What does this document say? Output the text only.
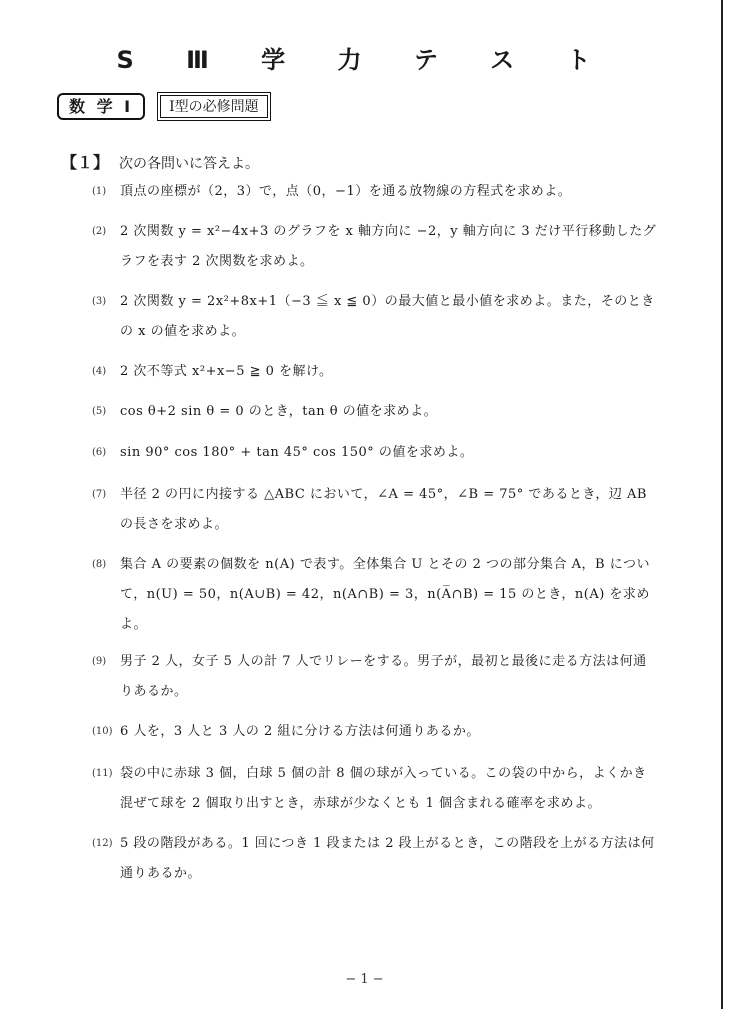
S Ⅲ 学 力 テ ス ト
数 学 Ⅰ	Ⅰ型の必修問題
【１】 次の各問いに答えよ。
(1) 頂点の座標が（2，3）で，点（0，−1）を通る放物線の方程式を求めよ。
(2) 2 次関数 y = x²−4x+3 のグラフを x 軸方向に −2，y 軸方向に 3 だけ平行移動したグラフを表す 2 次関数を求めよ。
(3) 2 次関数 y = 2x²+8x+1（−3 ≦ x ≦ 0）の最大値と最小値を求めよ。また，そのときの x の値を求めよ。
(4) 2 次不等式 x²+x−5 ≧ 0 を解け。
(5) cos θ+2 sin θ = 0 のとき，tan θ の値を求めよ。
(6) sin 90° cos 180° + tan 45° cos 150° の値を求めよ。
(7) 半径 2 の円に内接する △ABC において，∠A = 45°，∠B = 75° であるとき，辺 AB の長さを求めよ。
(8) 集合 A の要素の個数を n(A) で表す。全体集合 U とその 2 つの部分集合 A，B について，n(U) = 50，n(A∪B) = 42，n(A∩B) = 3，n(A̅∩B) = 15 のとき，n(A) を求めよ。
(9) 男子 2 人，女子 5 人の計 7 人でリレーをする。男子が，最初と最後に走る方法は何通りあるか。
(10) 6 人を，3 人と 3 人の 2 組に分ける方法は何通りあるか。
(11) 袋の中に赤球 3 個，白球 5 個の計 8 個の球が入っている。この袋の中から，よくかき混ぜて球を 2 個取り出すとき，赤球が少なくとも 1 個含まれる確率を求めよ。
(12) 5 段の階段がある。1 回につき 1 段または 2 段上がるとき，この階段を上がる方法は何通りあるか。
− 1 −
